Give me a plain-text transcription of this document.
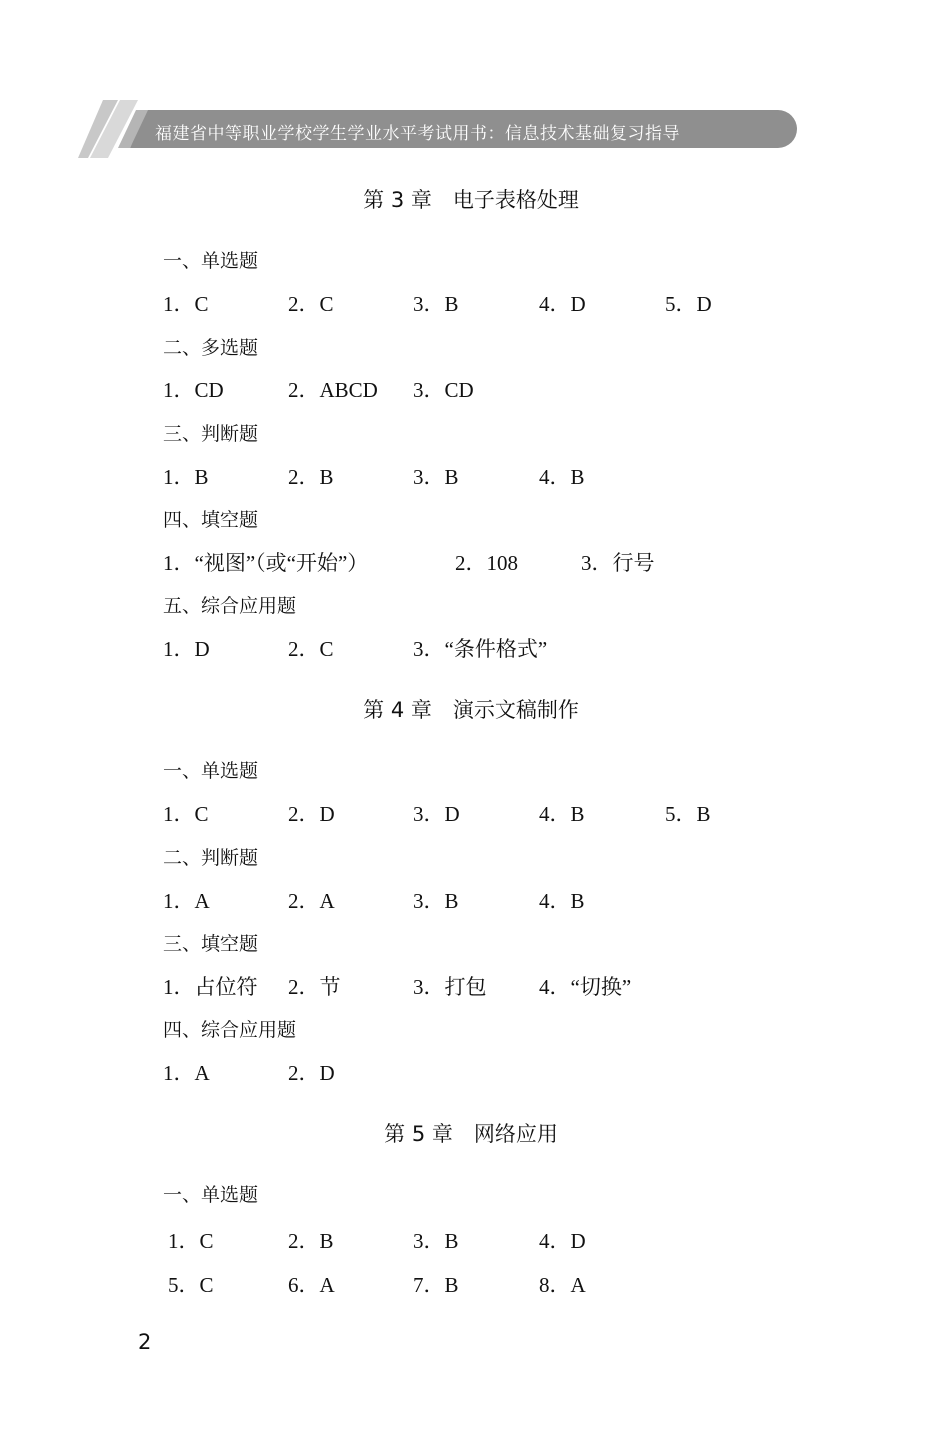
福建省中等职业学校学生学业水平考试用书：信息技术基础复习指导
第 3 章　电子表格处理
一、单选题
1．C	2．C	3．B	4．D	5．D
二、多选题
1．CD	2．ABCD 3．CD
三、判断题
1．B	2．B	3．B	4．B
四、填空题
1．“视图”（或“开始”）	2．108	3．行号
五、综合应用题
1．D	2．C	3．“条件格式”
第 4 章　演示文稿制作
一、单选题
1．C	2．D	3．D	4．B	5．B
二、判断题
1．A	2．A	3．B	4．B
三、填空题
1．占位符 2．节	3．打包	4．“切换”
四、综合应用题
1．A	2．D
第 5 章　网络应用
一、单选题
1．C	2．B	3．B	4．D
5．C	6．A	7．B	8．A
2
